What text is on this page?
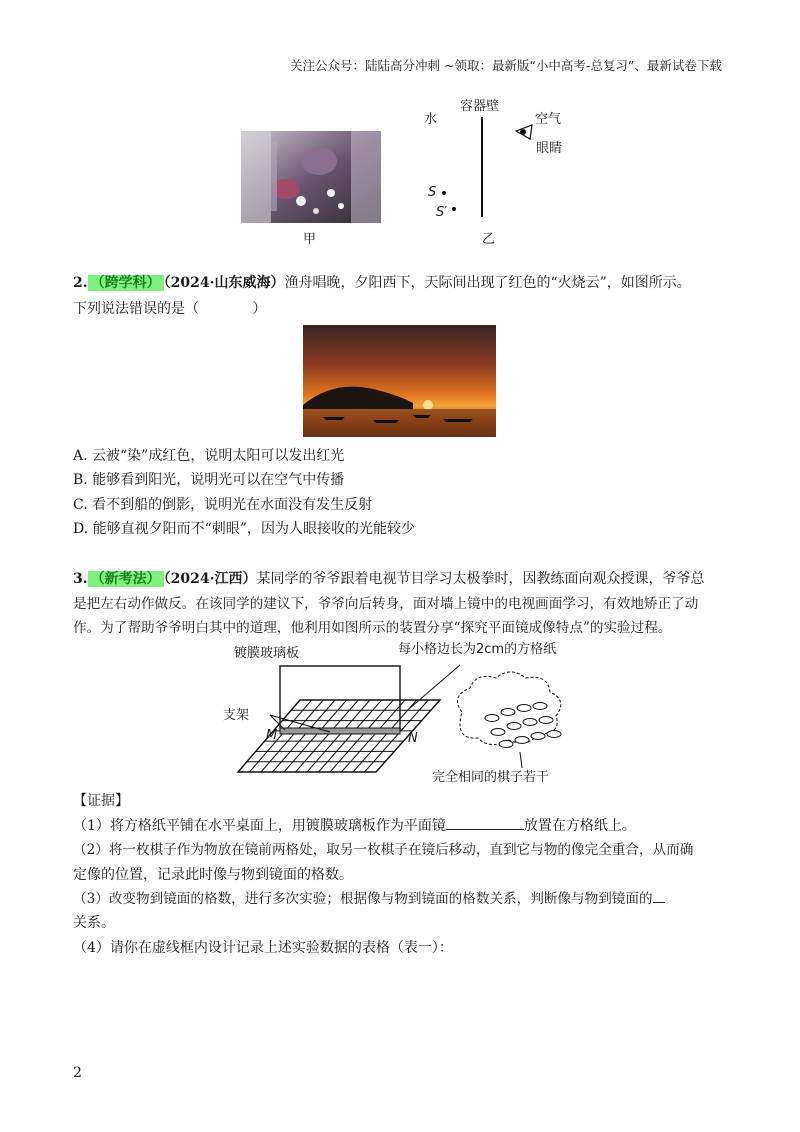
关注公众号：陆陆高分冲刺 ~领取：最新版“小中高考-总复习”、最新试卷下载
甲
水
容器壁
空气
眼睛
S
S′
乙
2. （跨学科） （2024·山东威海）渔舟唱晚，夕阳西下，天际间出现了红色的“火烧云”，如图所示。
下列说法错误的是（            ）
A. 云被“染”成红色，说明太阳可以发出红光
B. 能够看到阳光，说明光可以在空气中传播
C. 看不到船的倒影，说明光在水面没有发生反射
D. 能够直视夕阳而不“刺眼”，因为人眼接收的光能较少
3. （新考法） （2024·江西）某同学的爷爷跟着电视节目学习太极拳时，因教练面向观众授课，爷爷总
是把左右动作做反。在该同学的建议下，爷爷向后转身，面对墙上镜中的电视画面学习，有效地矫正了动
作。为了帮助爷爷明白其中的道理，他利用如图所示的装置分享“探究平面镜成像特点”的实验过程。
镀膜玻璃板	每小格边长为2cm的方格纸
支架
M	N
完全相同的棋子若干
【证据】
（1）将方格纸平铺在水平桌面上，用镀膜玻璃板作为平面镜	放置在方格纸上。
（2）将一枚棋子作为物放在镜前两格处，取另一枚棋子在镜后移动，直到它与物的像完全重合，从而确
定像的位置，记录此时像与物到镜面的格数。
（3）改变物到镜面的格数，进行多次实验；根据像与物到镜面的格数关系，判断像与物到镜面的
关系。
（4）请你在虚线框内设计记录上述实验数据的表格（表一）：
2
